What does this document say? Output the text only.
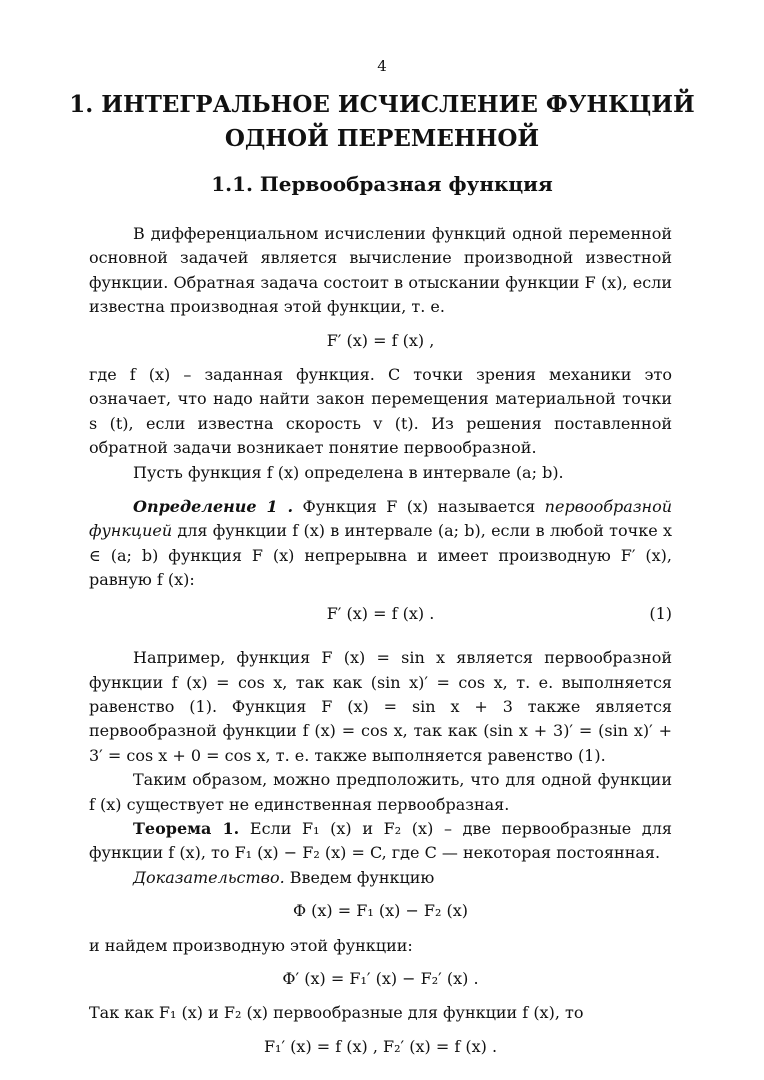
4
1. ИНТЕГРАЛЬНОЕ ИСЧИСЛЕНИЕ ФУНКЦИЙ ОДНОЙ ПЕРЕМЕННОЙ
1.1. Первообразная функция

В дифференциальном исчислении функций одной переменной основной задачей является вычисление производной известной функции. Обратная задача состоит в отыскании функции F (x), если известна производная этой функции, т. е.

F′ (x) = f (x) ,

где f (x) – заданная функция. С точки зрения механики это означает, что надо найти закон перемещения материальной точки s (t), если известна скорость v (t). Из решения поставленной обратной задачи возникает понятие первообразной.

Пусть функция f (x) определена в интервале (a; b).

Определение 1 . Функция F (x) называется первообразной функцией для функции f (x) в интервале (a; b), если в любой точке x ∈ (a; b) функция F (x) непрерывна и имеет производную F′ (x), равную f (x):

F′ (x) = f (x) .	(1)

Например, функция F (x) = sin x является первообразной функции f (x) = cos x, так как (sin x)′ = cos x, т. е. выполняется равенство (1). Функция F (x) = sin x + 3 также является первообразной функции f (x) = cos x, так как (sin x + 3)′ = (sin x)′ + 3′ = cos x + 0 = cos x, т. е. также выполняется равенство (1).

Таким образом, можно предположить, что для одной функции f (x) существует не единственная первообразная.

Теорема 1. Если F₁ (x) и F₂ (x) – две первообразные для функции f (x), то F₁ (x) − F₂ (x) = C, где C — некоторая постоянная.

Доказательство. Введем функцию

Φ (x) = F₁ (x) − F₂ (x)

и найдем производную этой функции:

Φ′ (x) = F₁′ (x) − F₂′ (x) .

Так как F₁ (x) и F₂ (x) первообразные для функции f (x), то

F₁′ (x) = f (x) , F₂′ (x) = f (x) .
